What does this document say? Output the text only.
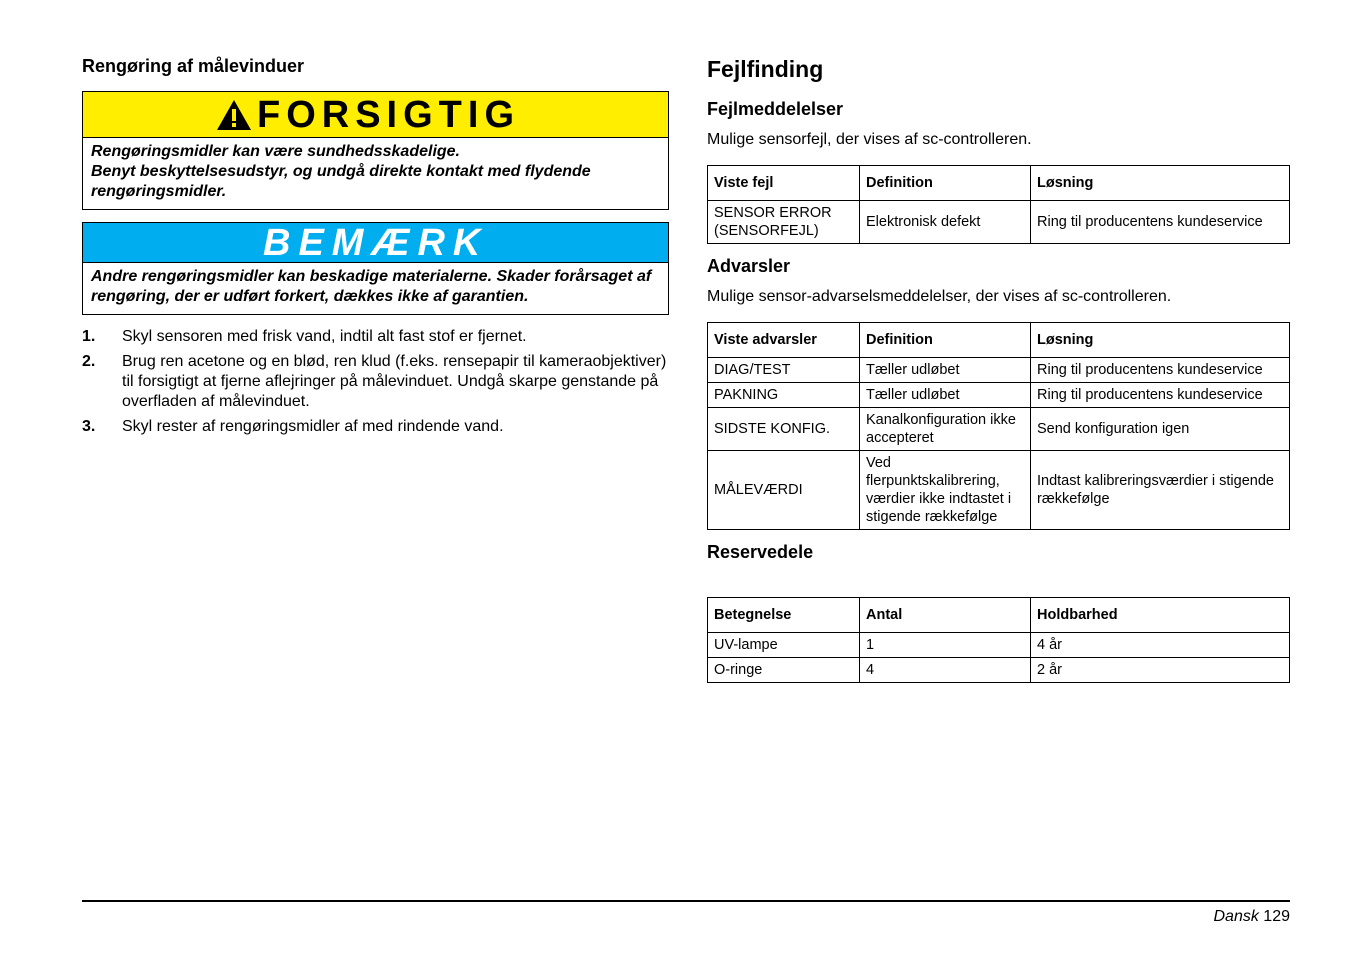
Rengøring af målevinduer
FORSIGTIG
Rengøringsmidler kan være sundhedsskadelige.
Benyt beskyttelsesudstyr, og undgå direkte kontakt med flydende rengøringsmidler.
BEMÆRK
Andre rengøringsmidler kan beskadige materialerne. Skader forårsaget af rengøring, der er udført forkert, dækkes ikke af garantien.
1.	Skyl sensoren med frisk vand, indtil alt fast stof er fjernet.
2.	Brug ren acetone og en blød, ren klud (f.eks. rensepapir til kameraobjektiver) til forsigtigt at fjerne aflejringer på målevinduet. Undgå skarpe genstande på overfladen af målevinduet.
3.	Skyl rester af rengøringsmidler af med rindende vand.
Fejlfinding
Fejlmeddelelser

Mulige sensorfejl, der vises af sc-controlleren.

Viste fejl	Definition	Løsning
SENSOR ERROR (SENSORFEJL)	Elektronisk defekt	Ring til producentens kundeservice
Advarsler

Mulige sensor-advarselsmeddelelser, der vises af sc-controlleren.

Viste advarsler	Definition	Løsning
DIAG/TEST	Tæller udløbet	Ring til producentens kundeservice
PAKNING	Tæller udløbet	Ring til producentens kundeservice
SIDSTE KONFIG.	Kanalkonfiguration ikke accepteret	Send konfiguration igen
MÅLEVÆRDI	Ved flerpunktskalibrering, værdier ikke indtastet i stigende rækkefølge	Indtast kalibreringsværdier i stigende rækkefølge
Reservedele
Betegnelse	Antal	Holdbarhed
UV-lampe	1	4 år
O-ringe	4	2 år
Dansk 129
